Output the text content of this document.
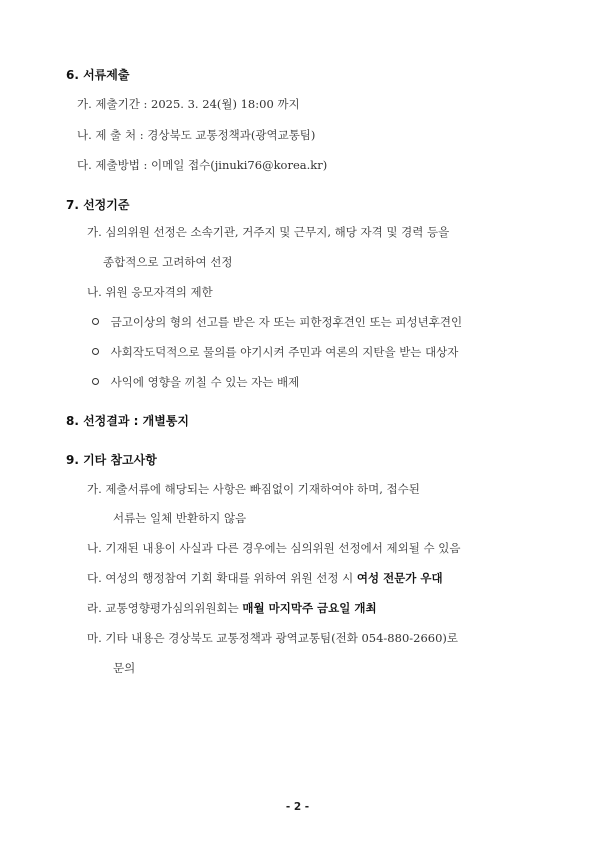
6. 서류제출
가. 제출기간 : 2025. 3. 24(월) 18:00 까지
나. 제 출 처 : 경상북도 교통정책과(광역교통팀)
다. 제출방법 : 이메일 접수(jinuki76@korea.kr)
7. 선정기준
가. 심의위원 선정은 소속기관, 거주지 및 근무지, 해당 자격 및 경력 등을
종합적으로 고려하여 선정
나. 위원 응모자격의 제한
금고이상의 형의 선고를 받은 자 또는 피한정후견인 또는 피성년후견인
사회작도덕적으로 물의를 야기시켜 주민과 여론의 지탄을 받는 대상자
사익에 영향을 끼칠 수 있는 자는 배제
8. 선정결과 : 개별통지
9. 기타 참고사항
가. 제출서류에 해당되는 사항은 빠짐없이 기재하여야 하며, 접수된
서류는 일체 반환하지 않음
나. 기재된 내용이 사실과 다른 경우에는 심의위원 선정에서 제외될 수 있음
다. 여성의 행정참여 기회 확대를 위하여 위원 선정 시 여성 전문가 우대
라. 교통영향평가심의위원회는 매월 마지막주 금요일 개최
마. 기타 내용은 경상북도 교통정책과 광역교통팀(전화 054-880-2660)로
문의
- 2 -
